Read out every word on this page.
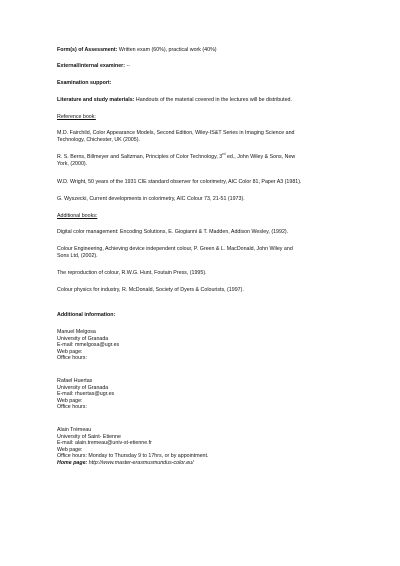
Form(s) of Assessment: Written exam (60%), practical work (40%)
External/internal examiner: --
Examination support:
Literature and study materials: Handouts of the material covered in the lectures will be distributed.
Reference book:
M.D. Fairchild, Color Appearance Models, Second Edition, Wiley-IS&T Series in Imaging Science and
Technology, Chichester, UK (2005).
R. S. Berns, Billmeyer and Saltzman, Principles of Color Technology, 3rd ed., John Wiley & Sons, New
York, (2000).
W.D. Wright, 50 years of the 1931 CIE standard observer for colorimetry, AIC Color 81, Paper A3 (1981).
G. Wyszecki, Current developments in colorimetry, AIC Colour 73, 21-51 (1973).
Additional books:
Digital color management: Encoding Solutions, E. Giogianni & T. Madden, Addison Wesley, (1992).
Colour Engineering, Achieving device independent colour, P. Green & L. MacDonald, John Wiley and
Sons Ltd, (2002).
The reproduction of colour, R.W.G. Hunt, Foutain Press, (1995).
Colour physics for industry, R. McDonald, Society of Dyers & Colourists, (1997).
Additional information:
Manuel Melgosa
University of Granada
E-mail: mmelgosa@ugr.es
Web page:
Office hours:
Rafael Huertas
University of Granada
E-mail: rhuertas@ugr.es
Web page:
Office hours:
Alain Trémeau
University of Saint- Etienne
E-mail: alain.tremeau@univ-st-etienne.fr
Web page:
Office hours: Monday to Thursday 9 to 17hrs, or by appointment.
Home page: http://www.master-erasmusmundus-color.eu/
